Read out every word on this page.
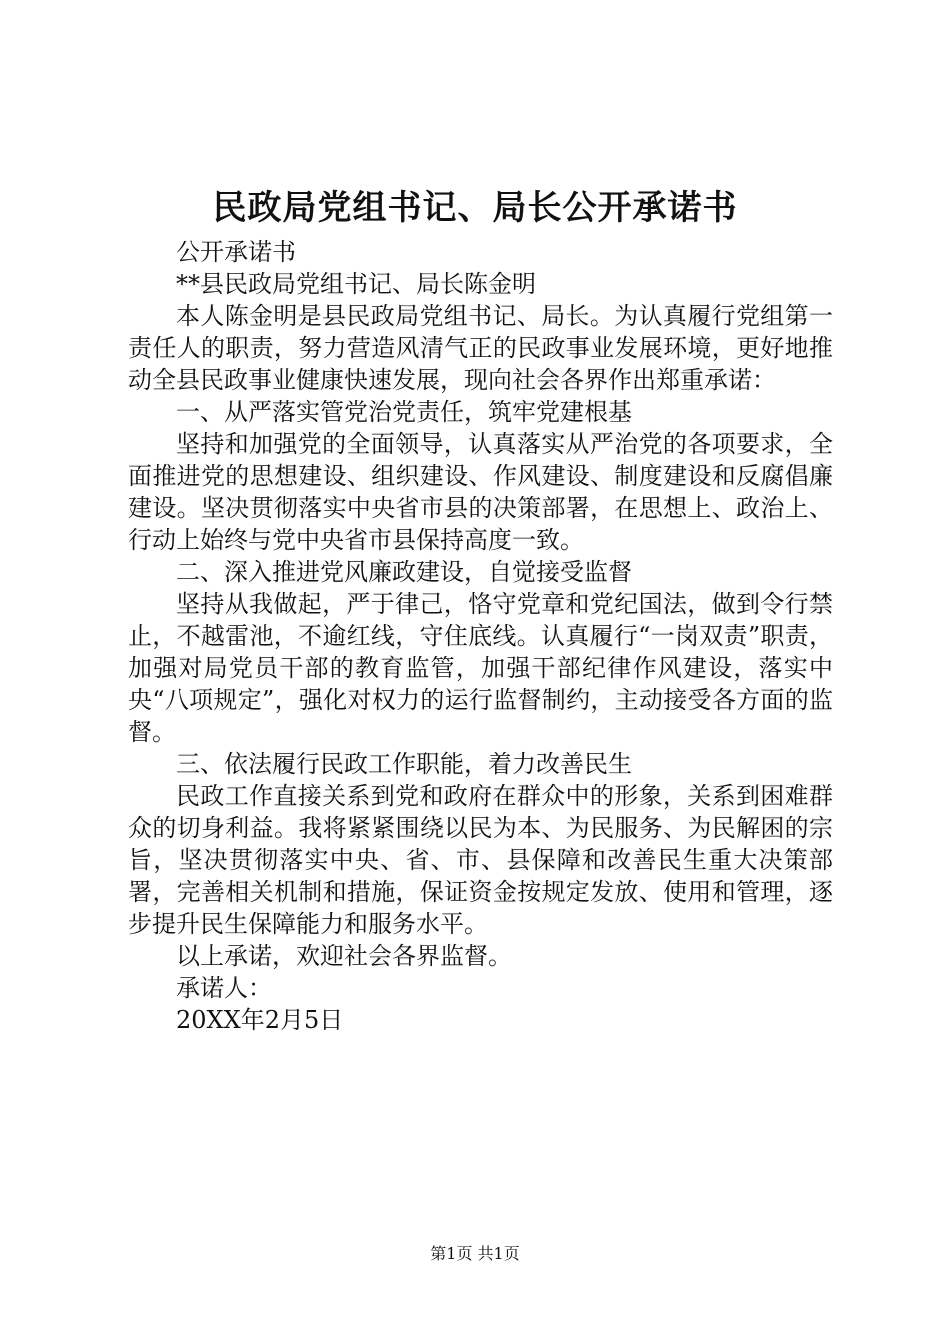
民政局党组书记、局长公开承诺书

公开承诺书

**县民政局党组书记、局长陈金明

本人陈金明是县民政局党组书记、局长。为认真履行党组第一责任人的职责，努力营造风清气正的民政事业发展环境，更好地推动全县民政事业健康快速发展，现向社会各界作出郑重承诺：

一、从严落实管党治党责任，筑牢党建根基

坚持和加强党的全面领导，认真落实从严治党的各项要求，全面推进党的思想建设、组织建设、作风建设、制度建设和反腐倡廉建设。坚决贯彻落实中央省市县的决策部署，在思想上、政治上、行动上始终与党中央省市县保持高度一致。

二、深入推进党风廉政建设，自觉接受监督

坚持从我做起，严于律己，恪守党章和党纪国法，做到令行禁止，不越雷池，不逾红线，守住底线。认真履行“一岗双责”职责，加强对局党员干部的教育监管，加强干部纪律作风建设，落实中央“八项规定”，强化对权力的运行监督制约，主动接受各方面的监督。

三、依法履行民政工作职能，着力改善民生

民政工作直接关系到党和政府在群众中的形象，关系到困难群众的切身利益。我将紧紧围绕以民为本、为民服务、为民解困的宗旨，坚决贯彻落实中央、省、市、县保障和改善民生重大决策部署，完善相关机制和措施，保证资金按规定发放、使用和管理，逐步提升民生保障能力和服务水平。

以上承诺，欢迎社会各界监督。

承诺人：

20XX年2月5日

第1页 共1页
